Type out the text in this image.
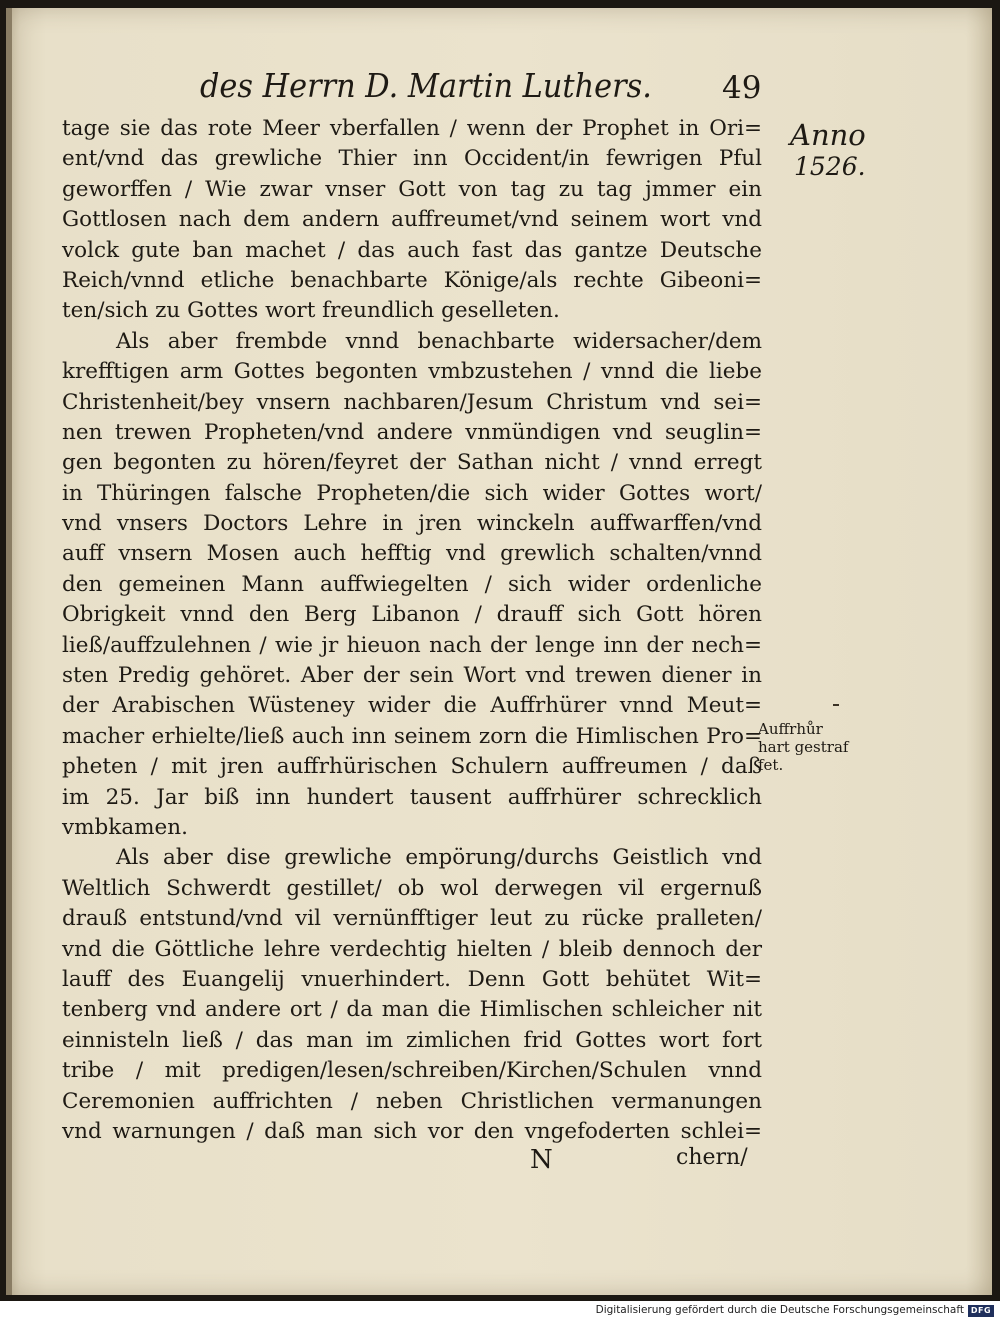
des Herrn D. Martin Luthers. 49
Anno
1526.
Auffrhůr
hart gestraf
fet.
tage sie das rote Meer vberfallen / wenn der Prophet in Ori=
ent/vnd das grewliche Thier inn Occident/in fewrigen Pful
geworffen / Wie zwar vnser Gott von tag zu tag jmmer ein
Gottlosen nach dem andern auffreumet/vnd seinem wort vnd
volck gute ban machet / das auch fast das gantze Deutsche
Reich/vnnd etliche benachbarte Könige/als rechte Gibeoni=
ten/sich zu Gottes wort freundlich geselleten.
Als aber frembde vnnd benachbarte widersacher/dem
krefftigen arm Gottes begonten vmbzustehen / vnnd die liebe
Christenheit/bey vnsern nachbaren/Jesum Christum vnd sei=
nen trewen Propheten/vnd andere vnmündigen vnd seuglin=
gen begonten zu hören/feyret der Sathan nicht / vnnd erregt
in Thüringen falsche Propheten/die sich wider Gottes wort/
vnd vnsers Doctors Lehre in jren winckeln auffwarffen/vnd
auff vnsern Mosen auch hefftig vnd grewlich schalten/vnnd
den gemeinen Mann auffwiegelten / sich wider ordenliche
Obrigkeit vnnd den Berg Libanon / drauff sich Gott hören
ließ/auffzulehnen / wie jr hieuon nach der lenge inn der nech=
sten Predig gehöret. Aber der sein Wort vnd trewen diener in
der Arabischen Wüsteney wider die Auffrhürer vnnd Meut=
macher erhielte/ließ auch inn seinem zorn die Himlischen Pro=
pheten / mit jren auffrhürischen Schulern auffreumen / daß
im 25. Jar biß inn hundert tausent auffrhürer schrecklich
vmbkamen.
Als aber dise grewliche empörung/durchs Geistlich vnd
Weltlich Schwerdt gestillet/ ob wol derwegen vil ergernuß
drauß entstund/vnd vil vernünfftiger leut zu rücke pralleten/
vnd die Göttliche lehre verdechtig hielten / bleib dennoch der
lauff des Euangelij vnuerhindert. Denn Gott behütet Wit=
tenberg vnd andere ort / da man die Himlischen schleicher nit
einnisteln ließ / das man im zimlichen frid Gottes wort fort
tribe / mit predigen/lesen/schreiben/Kirchen/Schulen vnnd
Ceremonien auffrichten / neben Christlichen vermanungen
vnd warnungen / daß man sich vor den vngefoderten schlei=
N	chern/
Digitalisierung gefördert durch die Deutsche Forschungsgemeinschaft DFG
